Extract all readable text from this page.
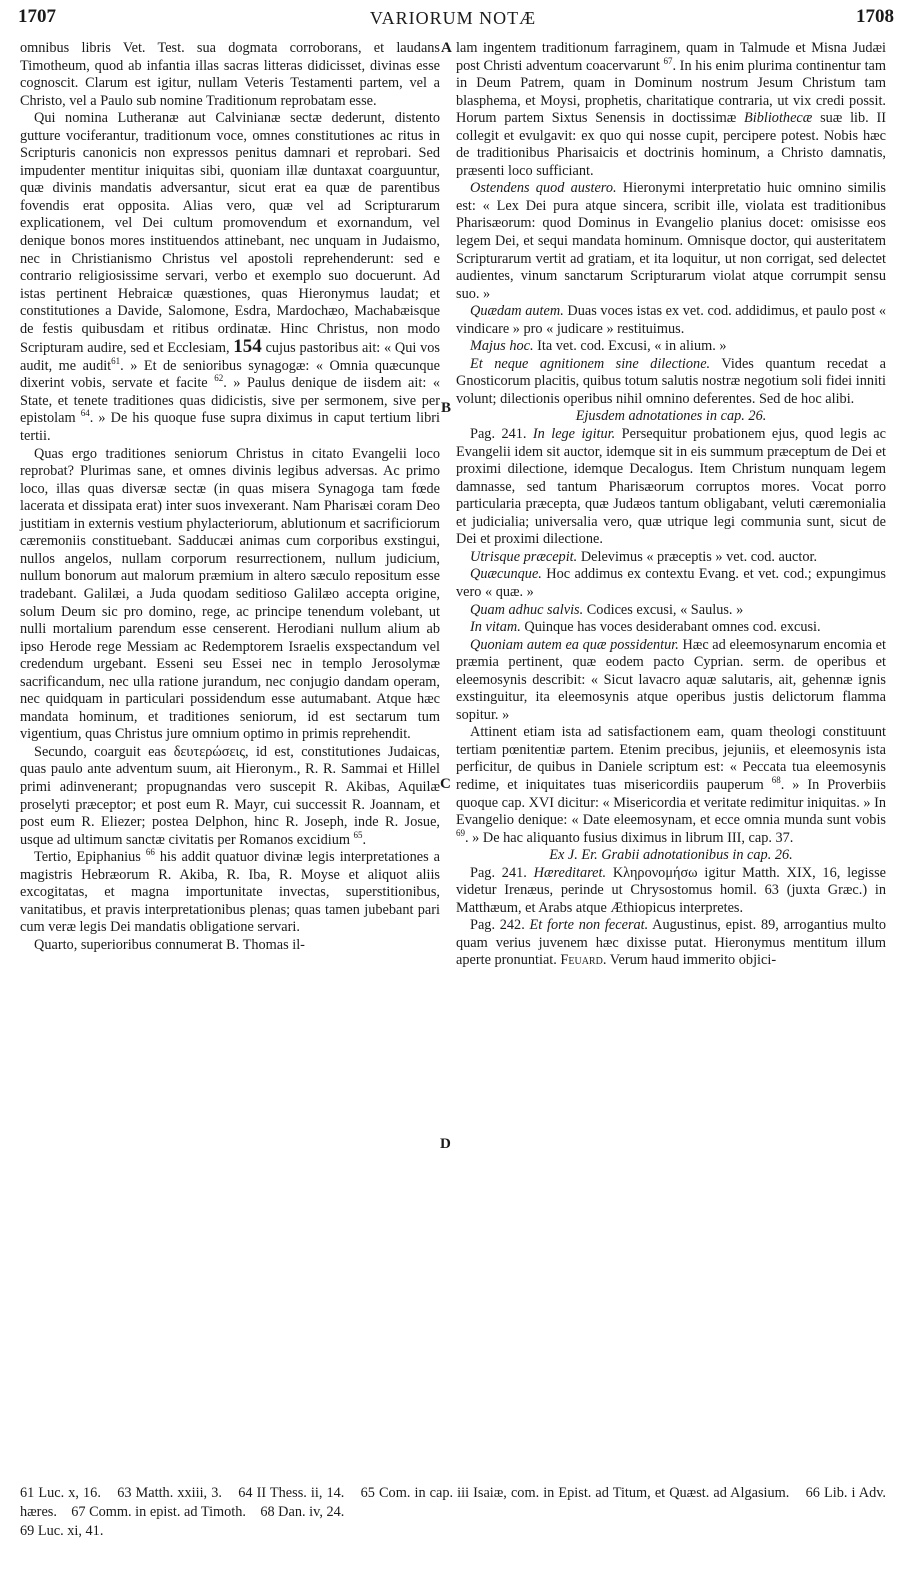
1707	VARIORUM NOTÆ	1708
A
B
C
D

omnibus libris Vet. Test. sua dogmata corroborans, et laudans Timotheum, quod ab infantia illas sacras litteras didicisset, divinas esse cognoscit. Clarum est igitur, nullam Veteris Testamenti partem, vel a Christo, vel a Paulo sub nomine Traditionum reprobatam esse.

Qui nomina Lutheranæ aut Calvinianæ sectæ dederunt, distento gutture vociferantur, traditionum voce, omnes constitutiones ac ritus in Scripturis canonicis non expressos penitus damnari et reprobari. Sed impudenter mentitur iniquitas sibi, quoniam illæ duntaxat coarguuntur, quæ divinis mandatis adversantur, sicut erat ea quæ de parentibus fovendis erat opposita. Alias vero, quæ vel ad Scripturarum explicationem, vel Dei cultum promovendum et exornandum, vel denique bonos mores instituendos attinebant, nec unquam in Judaismo, nec in Christianismo Christus vel apostoli reprehenderunt: sed e contrario religiosissime servari, verbo et exemplo suo docuerunt. Ad istas pertinent Hebraicæ quæstiones, quas Hieronymus laudat; et constitutiones a Davide, Salomone, Esdra, Mardochæo, Machabæisque de festis quibusdam et ritibus ordinatæ. Hinc Christus, non modo Scripturam audire, sed et Ecclesiam, 154 cujus pastoribus ait: « Qui vos audit, me audit$^{61}$. » Et de senioribus synagogæ: « Omnia quæcunque dixerint vobis, servate et facite $^{62}$. » Paulus denique de iisdem ait: « State, et tenete traditiones quas didicistis, sive per sermonem, sive per epistolam $^{64}$. » De his quoque fuse supra diximus in caput tertium libri tertii.

Quas ergo traditiones seniorum Christus in citato Evangelii loco reprobat? Plurimas sane, et omnes divinis legibus adversas. Ac primo loco, illas quas diversæ sectæ (in quas misera Synagoga tam fœde lacerata et dissipata erat) inter suos invexerant. Nam Pharisæi coram Deo justitiam in externis vestium phylacteriorum, ablutionum et sacrificiorum cæremoniis constituebant. Sadducæi animas cum corporibus exstingui, nullos angelos, nullam corporum resurrectionem, nullum judicium, nullum bonorum aut malorum præmium in altero sæculo repositum esse tradebant. Galilæi, a Juda quodam seditioso Galilæo accepta origine, solum Deum sic pro domino, rege, ac principe tenendum volebant, ut nulli mortalium parendum esse censerent. Herodiani nullum alium ab ipso Herode rege Messiam ac Redemptorem Israelis exspectandum vel credendum urgebant. Esseni seu Essei nec in templo Jerosolymæ sacrificandum, nec ulla ratione jurandum, nec conjugio dandam operam, nec quidquam in particulari possidendum esse autumabant. Atque hæc mandata hominum, et traditiones seniorum, id est sectarum tum vigentium, quas Christus jure omnium optimo in primis reprehendit.

Secundo, coarguit eas δευτερώσεις, id est, constitutiones Judaicas, quas paulo ante adventum suum, ait Hieronym., R. R. Sammai et Hillel primi adinvenerant; propugnandas vero suscepit R. Akibas, Aquilæ proselyti præceptor; et post eum R. Mayr, cui successit R. Joannam, et post eum R. Eliezer; postea Delphon, hinc R. Joseph, inde R. Josue, usque ad ultimum sanctæ civitatis per Romanos excidium $^{65}$.

Tertio, Epiphanius $^{66}$ his addit quatuor divinæ legis interpretationes a magistris Hebræorum R. Akiba, R. Iba, R. Moyse et aliquot aliis excogitatas, et magna importunitate invectas, superstitionibus, vanitatibus, et pravis interpretationibus plenas; quas tamen jubebant pari cum veræ legis Dei mandatis obligatione servari.

Quarto, superioribus connumerat B. Thomas il-

lam ingentem traditionum farraginem, quam in Talmude et Misna Judæi post Christi adventum coacervarunt $^{67}$. In his enim plurima continentur tam in Deum Patrem, quam in Dominum nostrum Jesum Christum tam blasphema, et Moysi, prophetis, charitatique contraria, ut vix credi possit. Horum partem Sixtus Senensis in doctissimæ Bibliothecæ suæ lib. II collegit et evulgavit: ex quo qui nosse cupit, percipere potest. Nobis hæc de traditionibus Pharisaicis et doctrinis hominum, a Christo damnatis, præsenti loco sufficiant.

Ostendens quod austero. Hieronymi interpretatio huic omnino similis est: « Lex Dei pura atque sincera, scribit ille, violata est traditionibus Pharisæorum: quod Dominus in Evangelio planius docet: omisisse eos legem Dei, et sequi mandata hominum. Omnisque doctor, qui austeritatem Scripturarum vertit ad gratiam, et ita loquitur, ut non corrigat, sed delectet audientes, vinum sanctarum Scripturarum violat atque corrumpit sensu suo. »

Quædam autem. Duas voces istas ex vet. cod. addidimus, et paulo post « vindicare » pro « judicare » restituimus.

Majus hoc. Ita vet. cod. Excusi, « in alium. »

Et neque agnitionem sine dilectione. Vides quantum recedat a Gnosticorum placitis, quibus totum salutis nostræ negotium soli fidei inniti volunt; dilectionis operibus nihil omnino deferentes. Sed de hoc alibi.

Ejusdem adnotationes in cap. 26.

Pag. 241. In lege igitur. Persequitur probationem ejus, quod legis ac Evangelii idem sit auctor, idemque sit in eis summum præceptum de Dei et proximi dilectione, idemque Decalogus. Item Christum nunquam legem damnasse, sed tantum Pharisæorum corruptos mores. Vocat porro particularia præcepta, quæ Judæos tantum obligabant, veluti cæremonialia et judicialia; universalia vero, quæ utrique legi communia sunt, sicut de Dei et proximi dilectione.

Utrisque præcepit. Delevimus « præceptis » vet. cod. auctor.

Quæcunque. Hoc addimus ex contextu Evang. et vet. cod.; expungimus vero « quæ. »

Quam adhuc salvis. Codices excusi, « Saulus. »

In vitam. Quinque has voces desiderabant omnes cod. excusi.

Quoniam autem ea quæ possidentur. Hæc ad eleemosynarum encomia et præmia pertinent, quæ eodem pacto Cyprian. serm. de operibus et eleemosynis describit: « Sicut lavacro aquæ salutaris, ait, gehennæ ignis exstinguitur, ita eleemosynis atque operibus justis delictorum flamma sopitur. »

Attinent etiam ista ad satisfactionem eam, quam theologi constituunt tertiam pœnitentiæ partem. Etenim precibus, jejuniis, et eleemosynis ista perficitur, de quibus in Daniele scriptum est: « Peccata tua eleemosynis redime, et iniquitates tuas misericordiis pauperum $^{68}$. » In Proverbiis quoque cap. XVI dicitur: « Misericordia et veritate redimitur iniquitas. » In Evangelio denique: « Date eleemosynam, et ecce omnia munda sunt vobis $^{69}$. » De hac aliquanto fusius diximus in librum III, cap. 37.

Ex J. Er. Grabii adnotationibus in cap. 26.

Pag. 241. Hæreditaret. Κληρονομήσω igitur Matth. XIX, 16, legisse videtur Irenæus, perinde ut Chrysostomus homil. 63 (juxta Græc.) in Matthæum, et Arabs atque Æthiopicus interpretes.

Pag. 242. Et forte non fecerat. Augustinus, epist. 89, arrogantius multo quam verius juvenem hæc dixisse putat. Hieronymus mentitum illum aperte pronuntiat. Feuard. Verum haud immerito objici-

61 Luc. x, 16. 63 Matth. xxiii, 3. 64 II Thess. ii, 14. 65 Com. in cap. iii Isaiæ, com. in Epist. ad Titum, et Quæst. ad Algasium. 66 Lib. i Adv. hæres. 67 Comm. in epist. ad Timoth. 68 Dan. iv, 24.
69 Luc. xi, 41.
